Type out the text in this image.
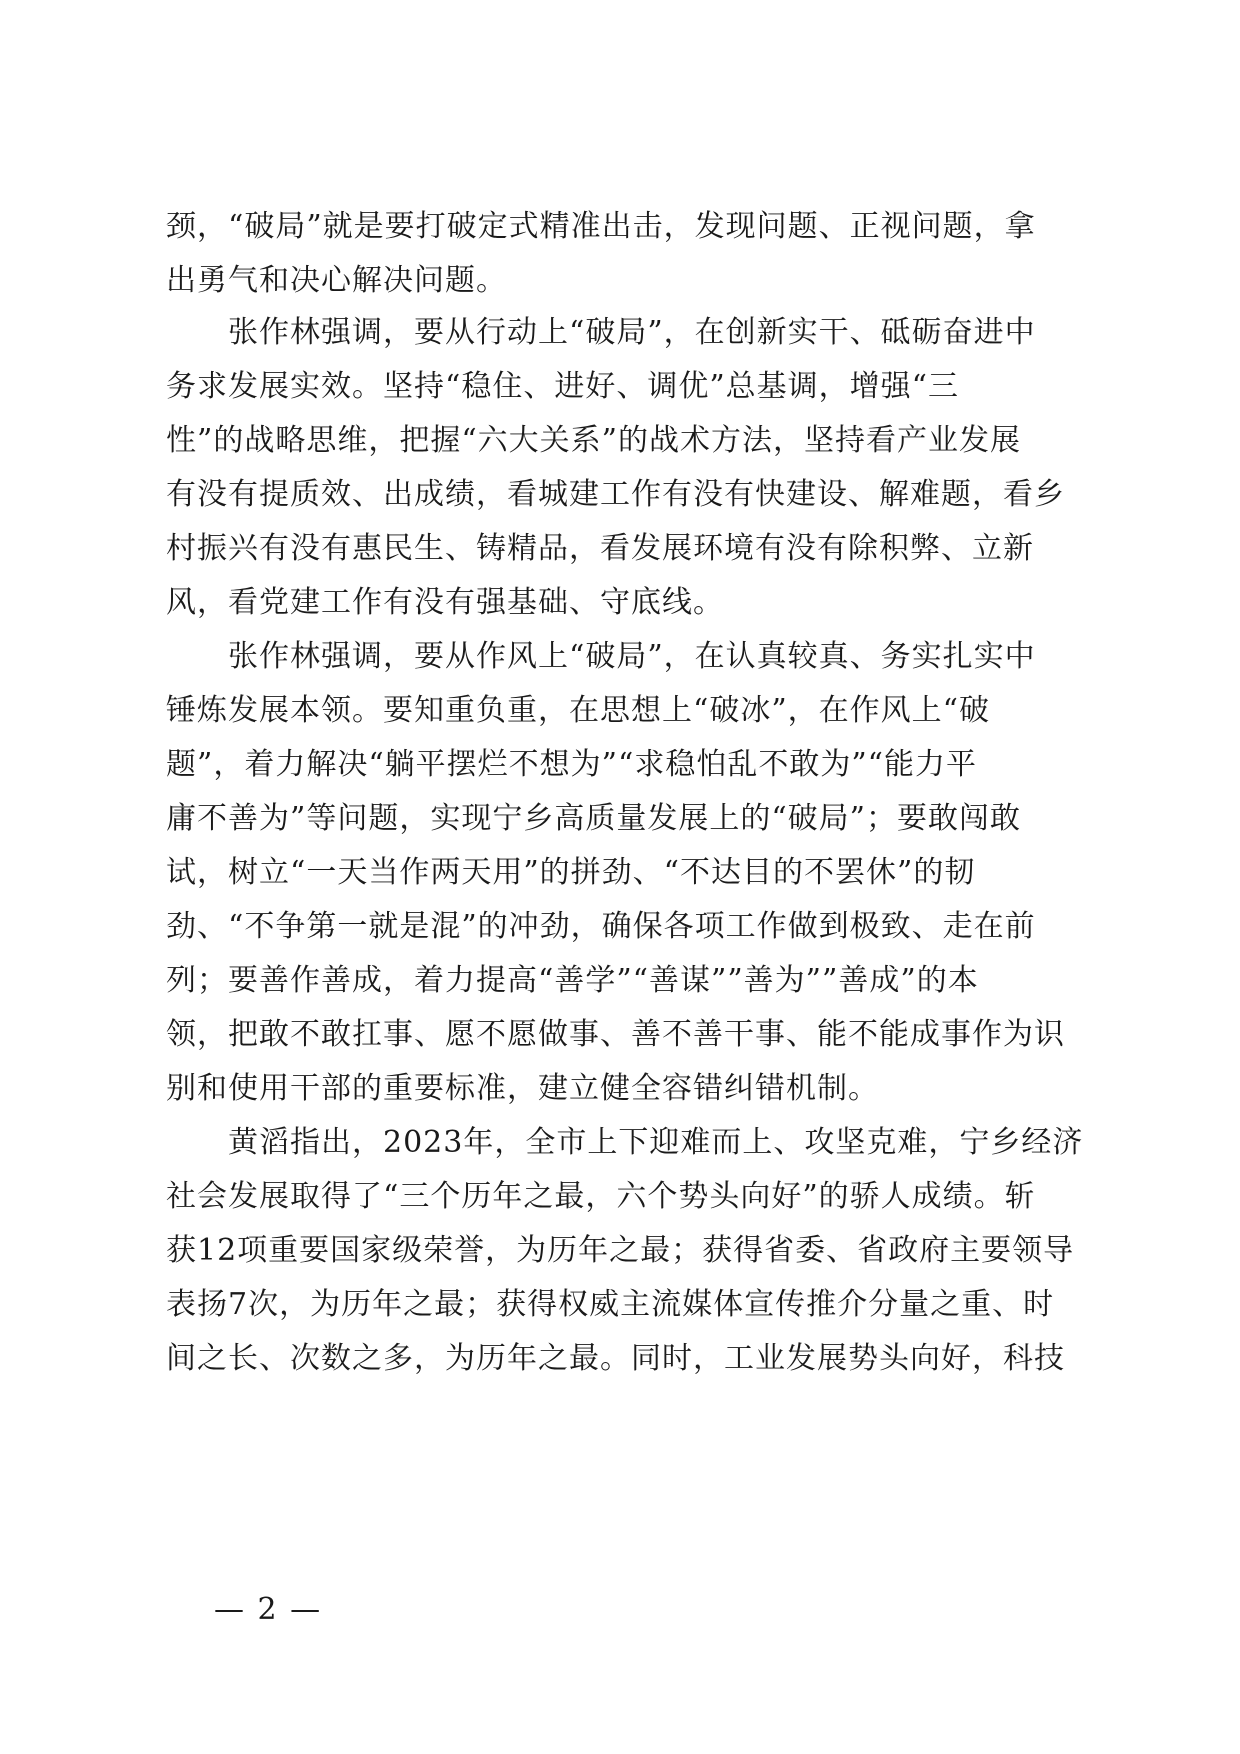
颈，“破局”就是要打破定式精准出击，发现问题、正视问题，拿
出勇气和决心解决问题。
张作林强调，要从行动上“破局”，在创新实干、砥砺奋进中
务求发展实效。坚持“稳住、进好、调优”总基调，增强“三
性”的战略思维，把握“六大关系”的战术方法，坚持看产业发展
有没有提质效、出成绩，看城建工作有没有快建设、解难题，看乡
村振兴有没有惠民生、铸精品，看发展环境有没有除积弊、立新
风，看党建工作有没有强基础、守底线。
张作林强调，要从作风上“破局”，在认真较真、务实扎实中
锤炼发展本领。要知重负重，在思想上“破冰”，在作风上“破
题”，着力解决“躺平摆烂不想为”“求稳怕乱不敢为”“能力平
庸不善为”等问题，实现宁乡高质量发展上的“破局”；要敢闯敢
试，树立“一天当作两天用”的拼劲、“不达目的不罢休”的韧
劲、“不争第一就是混”的冲劲，确保各项工作做到极致、走在前
列；要善作善成，着力提高“善学”“善谋””善为””善成”的本
领，把敢不敢扛事、愿不愿做事、善不善干事、能不能成事作为识
别和使用干部的重要标准，建立健全容错纠错机制。
黄滔指出，2023年，全市上下迎难而上、攻坚克难，宁乡经济
社会发展取得了“三个历年之最，六个势头向好”的骄人成绩。斩
获12项重要国家级荣誉，为历年之最；获得省委、省政府主要领导
表扬7次，为历年之最；获得权威主流媒体宣传推介分量之重、时
间之长、次数之多，为历年之最。同时，工业发展势头向好，科技
— 2 —
